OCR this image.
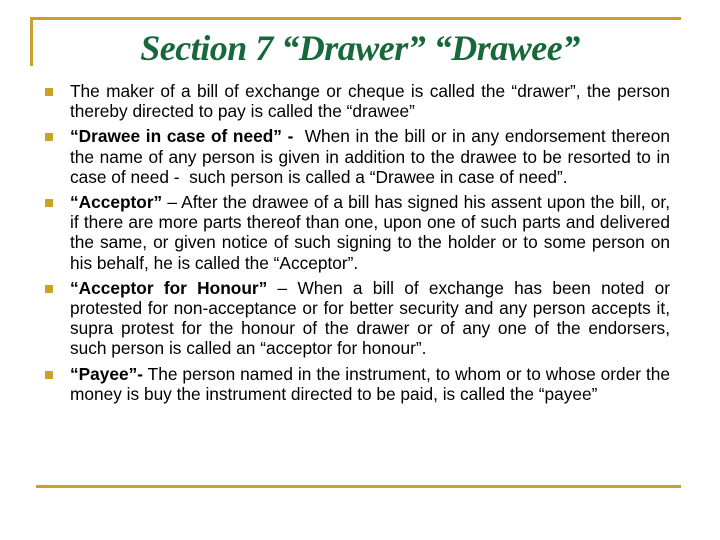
Section 7 “Drawer” “Drawee”
The maker of a bill of exchange or cheque is called the “drawer”, the person thereby directed to pay is called the “drawee”
“Drawee in case of need” -  When in the bill or in any endorsement thereon the name of any person is given in addition to the drawee to be resorted to in case of need -  such person is called a “Drawee in case of need”.
“Acceptor” – After the drawee of a bill has signed his assent upon the bill, or, if there are more parts thereof than one, upon one of such parts and delivered the same, or given notice of such signing to the holder or to some person on his behalf, he is called the “Acceptor”.
“Acceptor for Honour” – When a bill of exchange has been noted or protested for non-acceptance or for better security and any person accepts it, supra protest for the honour of the drawer or of any one of the endorsers, such person is called an “acceptor for honour”.
“Payee”- The person named in the instrument, to whom or to whose order the money is buy the instrument directed to be paid, is called the “payee”
